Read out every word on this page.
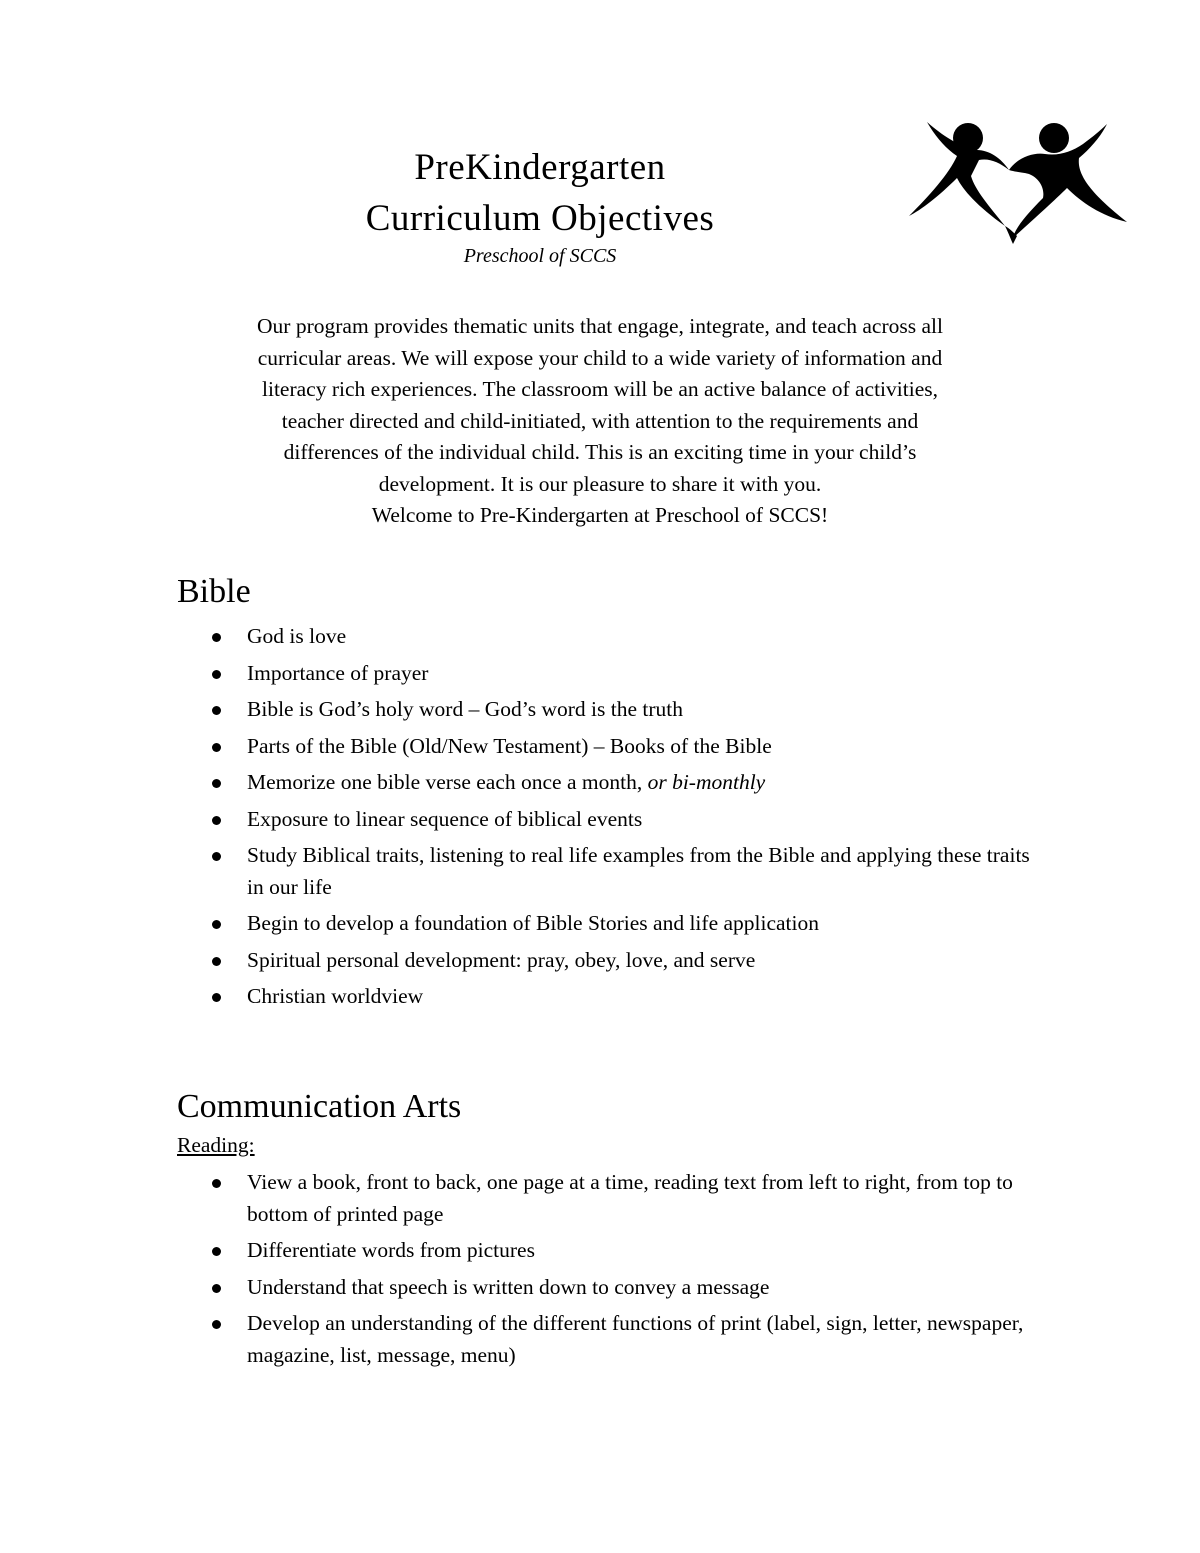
PreKindergarten
Curriculum Objectives
Preschool of SCCS
Our program provides thematic units that engage, integrate, and teach across all
curricular areas. We will expose your child to a wide variety of information and
literacy rich experiences. The classroom will be an active balance of activities,
teacher directed and child-initiated, with attention to the requirements and
differences of the individual child. This is an exciting time in your child’s
development. It is our pleasure to share it with you.
Welcome to Pre-Kindergarten at Preschool of SCCS!
Bible
God is love
Importance of prayer
Bible is God’s holy word – God’s word is the truth
Parts of the Bible (Old/New Testament) – Books of the Bible
Memorize one bible verse each once a month, or bi-monthly
Exposure to linear sequence of biblical events
Study Biblical traits, listening to real life examples from the Bible and applying these traits in our life
Begin to develop a foundation of Bible Stories and life application
Spiritual personal development: pray, obey, love, and serve
Christian worldview
Communication Arts
Reading:
View a book, front to back, one page at a time, reading text from left to right, from top to bottom of printed page
Differentiate words from pictures
Understand that speech is written down to convey a message
Develop an understanding of the different functions of print (label, sign, letter, newspaper, magazine, list, message, menu)
